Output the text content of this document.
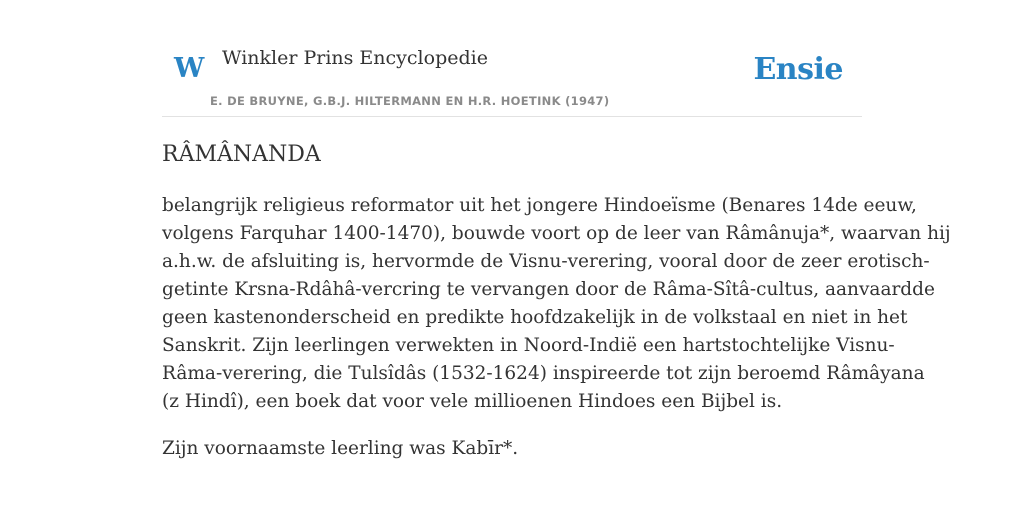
W Winkler Prins Encyclopedie
E. DE BRUYNE, G.B.J. HILTERMANN EN H.R. HOETINK (1947)
Ensie
RÂMÂNANDA

belangrijk religieus reformator uit het jongere Hindoeïsme (Benares 14de eeuw,
volgens Farquhar 1400-1470), bouwde voort op de leer van Râmânuja*, waarvan hij
a.h.w. de afsluiting is, hervormde de Visnu-verering, vooral door de zeer erotisch-
getinte Krsna-Rdâhâ-vercring te vervangen door de Râma-Sîtâ-cultus, aanvaardde
geen kastenonderscheid en predikte hoofdzakelijk in de volkstaal en niet in het
Sanskrit. Zijn leerlingen verwekten in Noord-Indië een hartstochtelijke Visnu-
Râma-verering, die Tulsîdâs (1532-1624) inspireerde tot zijn beroemd Râmâyana
(z Hindî), een boek dat voor vele millioenen Hindoes een Bijbel is.

Zijn voornaamste leerling was Kabīr*.
